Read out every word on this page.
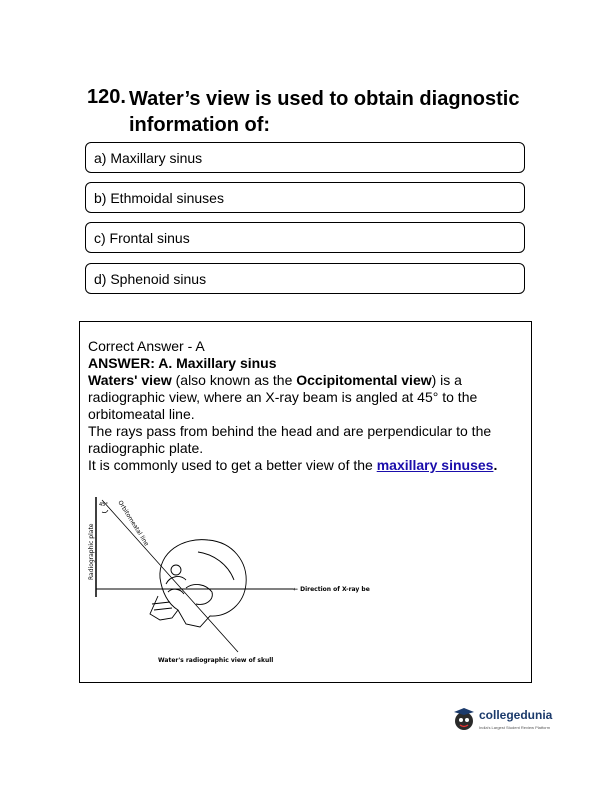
120. Water’s view is used to obtain diagnostic information of:
a) Maxillary sinus
b) Ethmoidal sinuses
c) Frontal sinus
d) Sphenoid sinus

Correct Answer - A

ANSWER: A. Maxillary sinus

Waters' view (also known as the Occipitomental view) is a radiographic view, where an X-ray beam is angled at 45° to the orbitomeatal line.

The rays pass from behind the head and are perpendicular to the radiographic plate.

It is commonly used to get a better view of the maxillary sinuses.

Radiographic plate
← Direction of X-ray be
Orbitomeatal line
45°
Water's radiographic view of skull
collegedunia
India's Largest Student Review Platform
